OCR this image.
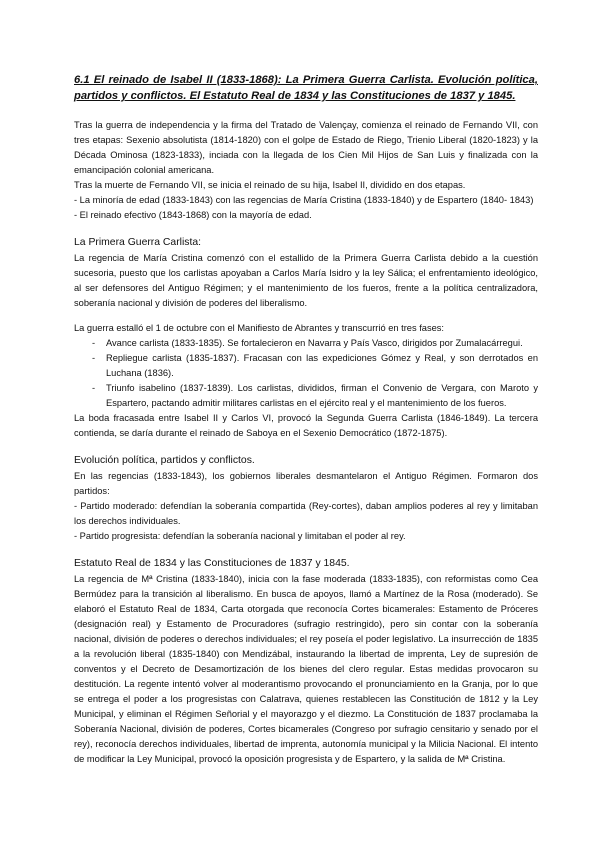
6.1 El reinado de Isabel II (1833-1868): La Primera Guerra Carlista. Evolución política, partidos y conflictos. El Estatuto Real de 1834 y las Constituciones de 1837 y 1845.

Tras la guerra de independencia y la firma del Tratado de Valençay, comienza el reinado de Fernando VII, con tres etapas: Sexenio absolutista (1814-1820) con el golpe de Estado de Riego, Trienio Liberal (1820-1823) y la Década Ominosa (1823-1833), inciada con la llegada de los Cien Mil Hijos de San Luis y finalizada con la emancipación colonial americana.

Tras la muerte de Fernando VII, se inicia el reinado de su hija, Isabel II, dividido en dos etapas.

- La minoría de edad (1833-1843) con las regencias de María Cristina (1833-1840) y de Espartero (1840- 1843)

- El reinado efectivo (1843-1868) con la mayoría de edad.

La Primera Guerra Carlista:

La regencia de María Cristina comenzó con el estallido de la Primera Guerra Carlista debido a la cuestión sucesoria, puesto que los carlistas apoyaban a Carlos María Isidro y la ley Sálica; el enfrentamiento ideológico, al ser defensores del Antiguo Régimen; y el mantenimiento de los fueros, frente a la política centralizadora, soberanía nacional y división de poderes del liberalismo.

La guerra estalló el 1 de octubre con el Manifiesto de Abrantes y transcurrió en tres fases:

- Avance carlista (1833-1835). Se fortalecieron en Navarra y País Vasco, dirigidos por Zumalacárregui.
- Repliegue carlista (1835-1837). Fracasan con las expediciones Gómez y Real, y son derrotados en Luchana (1836).
- Triunfo isabelino (1837-1839). Los carlistas, divididos, firman el Convenio de Vergara, con Maroto y Espartero, pactando admitir militares carlistas en el ejército real y el mantenimiento de los fueros.

La boda fracasada entre Isabel II y Carlos VI, provocó la Segunda Guerra Carlista (1846-1849). La tercera contienda, se daría durante el reinado de Saboya en el Sexenio Democrático (1872-1875).

Evolución política, partidos y conflictos.

En las regencias (1833-1843), los gobiernos liberales desmantelaron el Antiguo Régimen. Formaron dos partidos:

- Partido moderado: defendían la soberanía compartida (Rey-cortes), daban amplios poderes al rey y limitaban los derechos individuales.

- Partido progresista: defendían la soberanía nacional y limitaban el poder al rey.

Estatuto Real de 1834 y las Constituciones de 1837 y 1845.

La regencia de Mª Cristina (1833-1840), inicia con la fase moderada (1833-1835), con reformistas como Cea Bermúdez para la transición al liberalismo. En busca de apoyos, llamó a Martínez de la Rosa (moderado). Se elaboró el Estatuto Real de 1834, Carta otorgada que reconocía Cortes bicamerales: Estamento de Próceres (designación real) y Estamento de Procuradores (sufragio restringido), pero sin contar con la soberanía nacional, división de poderes o derechos individuales; el rey poseía el poder legislativo. La insurrección de 1835 a la revolución liberal (1835-1840) con Mendizábal, instaurando la libertad de imprenta, Ley de supresión de conventos y el Decreto de Desamortización de los bienes del clero regular. Estas medidas provocaron su destitución. La regente intentó volver al moderantismo provocando el pronunciamiento en la Granja, por lo que se entrega el poder a los progresistas con Calatrava, quienes restablecen las Constitución de 1812 y la Ley Municipal, y eliminan el Régimen Señorial y el mayorazgo y el diezmo. La Constitución de 1837 proclamaba la Soberanía Nacional, división de poderes, Cortes bicamerales (Congreso por sufragio censitario y senado por el rey), reconocía derechos individuales, libertad de imprenta, autonomía municipal y la Milicia Nacional. El intento de modificar la Ley Municipal, provocó la oposición progresista y de Espartero, y la salida de Mª Cristina.
